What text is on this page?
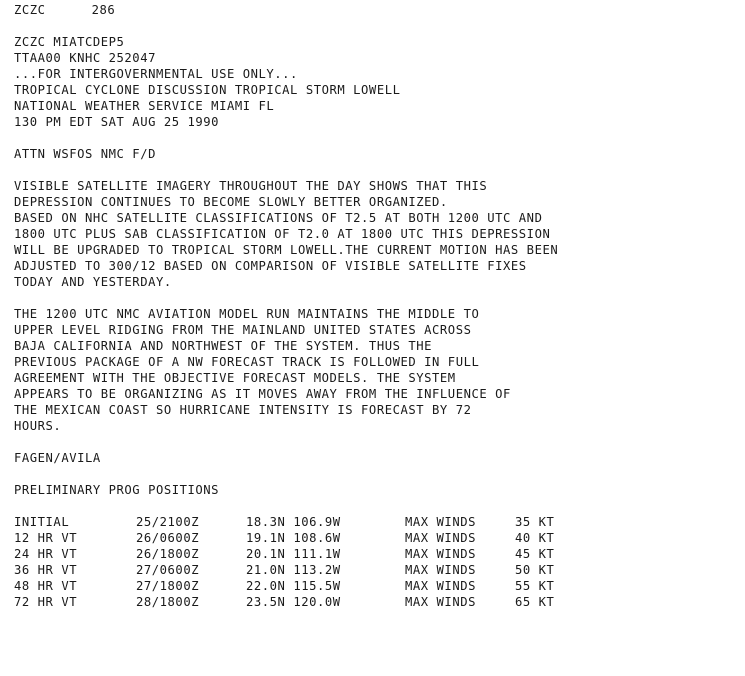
ZCZC	286
ZCZC MIATCDEP5
TTAA00 KNHC 252047
...FOR INTERGOVERNMENTAL USE ONLY...
TROPICAL CYCLONE DISCUSSION TROPICAL STORM LOWELL
NATIONAL WEATHER SERVICE MIAMI FL
130 PM EDT SAT AUG 25 1990
ATTN WSFOS NMC F/D
VISIBLE SATELLITE IMAGERY THROUGHOUT THE DAY SHOWS THAT THIS
DEPRESSION CONTINUES TO BECOME SLOWLY BETTER ORGANIZED.
BASED ON NHC SATELLITE CLASSIFICATIONS OF T2.5 AT BOTH 1200 UTC AND
1800 UTC PLUS SAB CLASSIFICATION OF T2.0 AT 1800 UTC THIS DEPRESSION
WILL BE UPGRADED TO TROPICAL STORM LOWELL.THE CURRENT MOTION HAS BEEN
ADJUSTED TO 300/12 BASED ON COMPARISON OF VISIBLE SATELLITE FIXES
TODAY AND YESTERDAY.
THE 1200 UTC NMC AVIATION MODEL RUN MAINTAINS THE MIDDLE TO
UPPER LEVEL RIDGING FROM THE MAINLAND UNITED STATES ACROSS
BAJA CALIFORNIA AND NORTHWEST OF THE SYSTEM. THUS THE
PREVIOUS PACKAGE OF A NW FORECAST TRACK IS FOLLOWED IN FULL
AGREEMENT WITH THE OBJECTIVE FORECAST MODELS. THE SYSTEM
APPEARS TO BE ORGANIZING AS IT MOVES AWAY FROM THE INFLUENCE OF
THE MEXICAN COAST SO HURRICANE INTENSITY IS FORECAST BY 72
HOURS.
FAGEN/AVILA
PRELIMINARY PROG POSITIONS
INITIAL	25/2100Z	18.3N 106.9W	MAX WINDS	35 KT
12 HR VT	26/0600Z	19.1N 108.6W	MAX WINDS	40 KT
24 HR VT	26/1800Z	20.1N 111.1W	MAX WINDS	45 KT
36 HR VT	27/0600Z	21.0N 113.2W	MAX WINDS	50 KT
48 HR VT	27/1800Z	22.0N 115.5W	MAX WINDS	55 KT
72 HR VT	28/1800Z	23.5N 120.0W	MAX WINDS	65 KT
